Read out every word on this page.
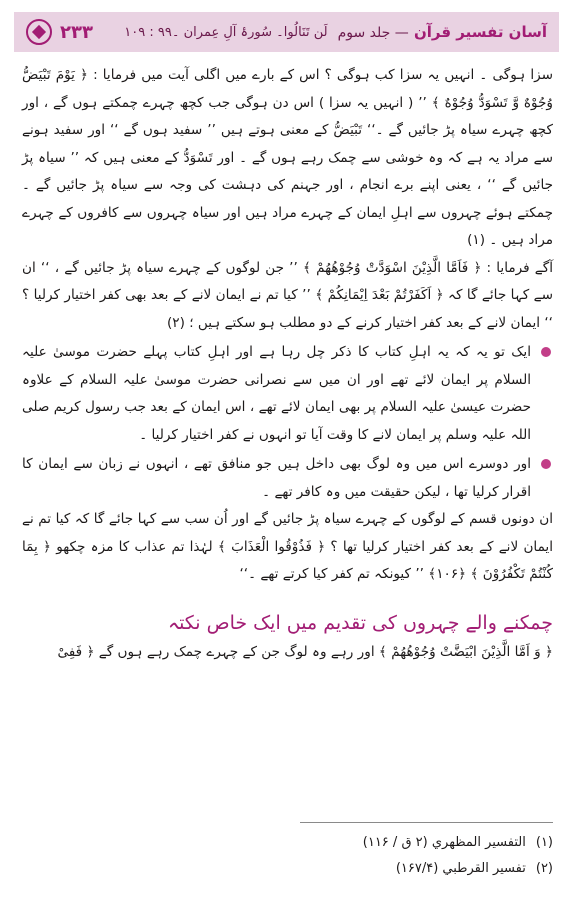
آسان تفسیر قرآن — جلد سوم
لَن تَنَالُوا۔ سُورۂ آلِ عِمران ۔۹۹ : ۱۰۹
۲۳۳

سزا ہوگی ۔ انہیں یہ سزا کب ہوگی ؟ اس کے بارے میں اگلی آیت میں فرمایا : ﴿ یَوْمَ تَبْیَضُّ وُجُوْهٌ وَّ تَسْوَدُّ وُجُوْهٌ ﴾ ’’ ( انہیں یہ سزا ) اس دن ہوگی جب کچھ چہرے چمکتے ہوں گے ، اور کچھ چہرے سیاہ پڑ جائیں گے ۔‘‘ تَبْیَضُّ کے معنی ہوتے ہیں ’’ سفید ہوں گے ‘‘ اور سفید ہونے سے مراد یہ ہے کہ وہ خوشی سے چمک رہے ہوں گے ۔ اور تَسْوَدُّ کے معنی ہیں کہ ’’ سیاہ پڑ جائیں گے ‘‘ ، یعنی اپنے برے انجام ، اور جہنم کی دہشت کی وجہ سے سیاہ پڑ جائیں گے ۔ چمکتے ہوئے چہروں سے اہلِ ایمان کے چہرے مراد ہیں اور سیاہ چہروں سے کافروں کے چہرے مراد ہیں ۔ (۱)

آگے فرمایا : ﴿ فَاَمَّا الَّذِیْنَ اسْوَدَّتْ وُجُوْهُهُمْ ﴾ ’’ جن لوگوں کے چہرے سیاہ پڑ جائیں گے ، ‘‘ ان سے کہا جائے گا کہ ﴿ اَكَفَرْتُمْ بَعْدَ اِیْمَانِكُمْ ﴾ ’’ کیا تم نے ایمان لانے کے بعد بھی کفر اختیار کرلیا ؟ ‘‘ ایمان لانے کے بعد کفر اختیار کرنے کے دو مطلب ہو سکتے ہیں ؛ (۲)

ایک تو یہ کہ یہ اہلِ کتاب کا ذکر چل رہا ہے اور اہلِ کتاب پہلے حضرت موسیٰ علیہ السلام پر ایمان لائے تھے اور ان میں سے نصرانی حضرت موسیٰ علیہ السلام کے علاوہ حضرت عیسیٰ علیہ السلام پر بھی ایمان لائے تھے ، اس ایمان کے بعد جب رسول کریم صلی اللہ علیہ وسلم پر ایمان لانے کا وقت آیا تو انہوں نے کفر اختیار کرلیا ۔

اور دوسرے اس میں وہ لوگ بھی داخل ہیں جو منافق تھے ، انہوں نے زبان سے ایمان کا اقرار کرلیا تھا ، لیکن حقیقت میں وہ کافر تھے ۔

ان دونوں قسم کے لوگوں کے چہرے سیاہ پڑ جائیں گے اور اُن سب سے کہا جائے گا کہ کیا تم نے ایمان لانے کے بعد کفر اختیار کرلیا تھا ؟ ﴿ فَذُوْقُوا الْعَذَابَ ﴾ لہٰذا تم عذاب کا مزہ چکھو ﴿ بِمَا كُنْتُمْ تَكْفُرُوْنَ ﴾ ﴿۱۰۶﴾ ’’ کیونکہ تم کفر کیا کرتے تھے ۔‘‘

چمکنے والے چہروں کی تقدیم میں ایک خاص نکتہ

﴿ وَ اَمَّا الَّذِیْنَ ابْیَضَّتْ وُجُوْهُهُمْ ﴾ اور رہے وہ لوگ جن کے چہرے چمک رہے ہوں گے ﴿ فَفِیْ

(۱)
التفسیر المظهري (۲ ق / ۱۱۶)
(۲)
تفسیر القرطبي (۱۶۷/۴)
